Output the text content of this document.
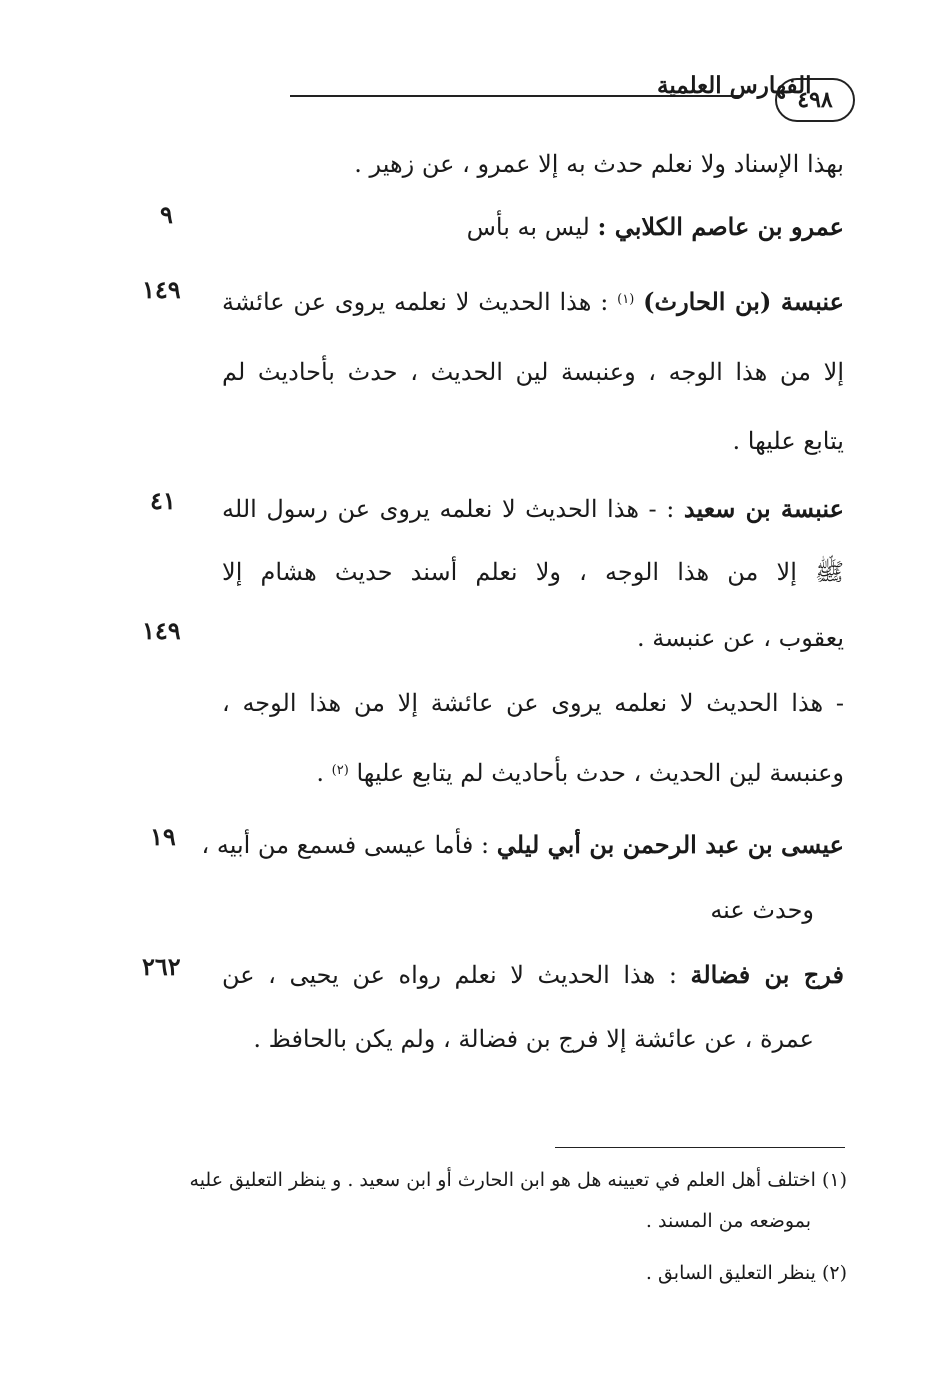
٤٩٨
الفهارس العلمية
بهذا الإسناد ولا نعلم حدث به إلا عمرو ، عن زهير .
عمرو بن عاصم الكلابي : ليس به بأس
٩
عنبسة (بن الحارث) $^{(١)}$ : هذا الحديث لا نعلمه يروى عن عائشة
١٤٩
إلا من هذا الوجه ، وعنبسة لين الحديث ، حدث بأحاديث لم
يتابع عليها .
عنبسة بن سعيد : - هذا الحديث لا نعلمه يروى عن رسول الله
٤١
ﷺ إلا من هذا الوجه ، ولا نعلم أسند حديث هشام إلا
يعقوب ، عن عنبسة .
١٤٩
- هذا الحديث لا نعلمه يروى عن عائشة إلا من هذا الوجه ،
وعنبسة لين الحديث ، حدث بأحاديث لم يتابع عليها $^{(٢)}$ .
عيسى بن عبد الرحمن بن أبي ليلي : فأما عيسى فسمع من أبيه ،
١٩
وحدث عنه
فرج بن فضالة : هذا الحديث لا نعلم رواه عن يحيى ، عن
٢٦٢
عمرة ، عن عائشة إلا فرج بن فضالة ، ولم يكن بالحافظ .
(١) اختلف أهل العلم في تعيينه هل هو ابن الحارث أو ابن سعيد . و ينظر التعليق عليه
بموضعه من المسند .
(٢) ينظر التعليق السابق .
